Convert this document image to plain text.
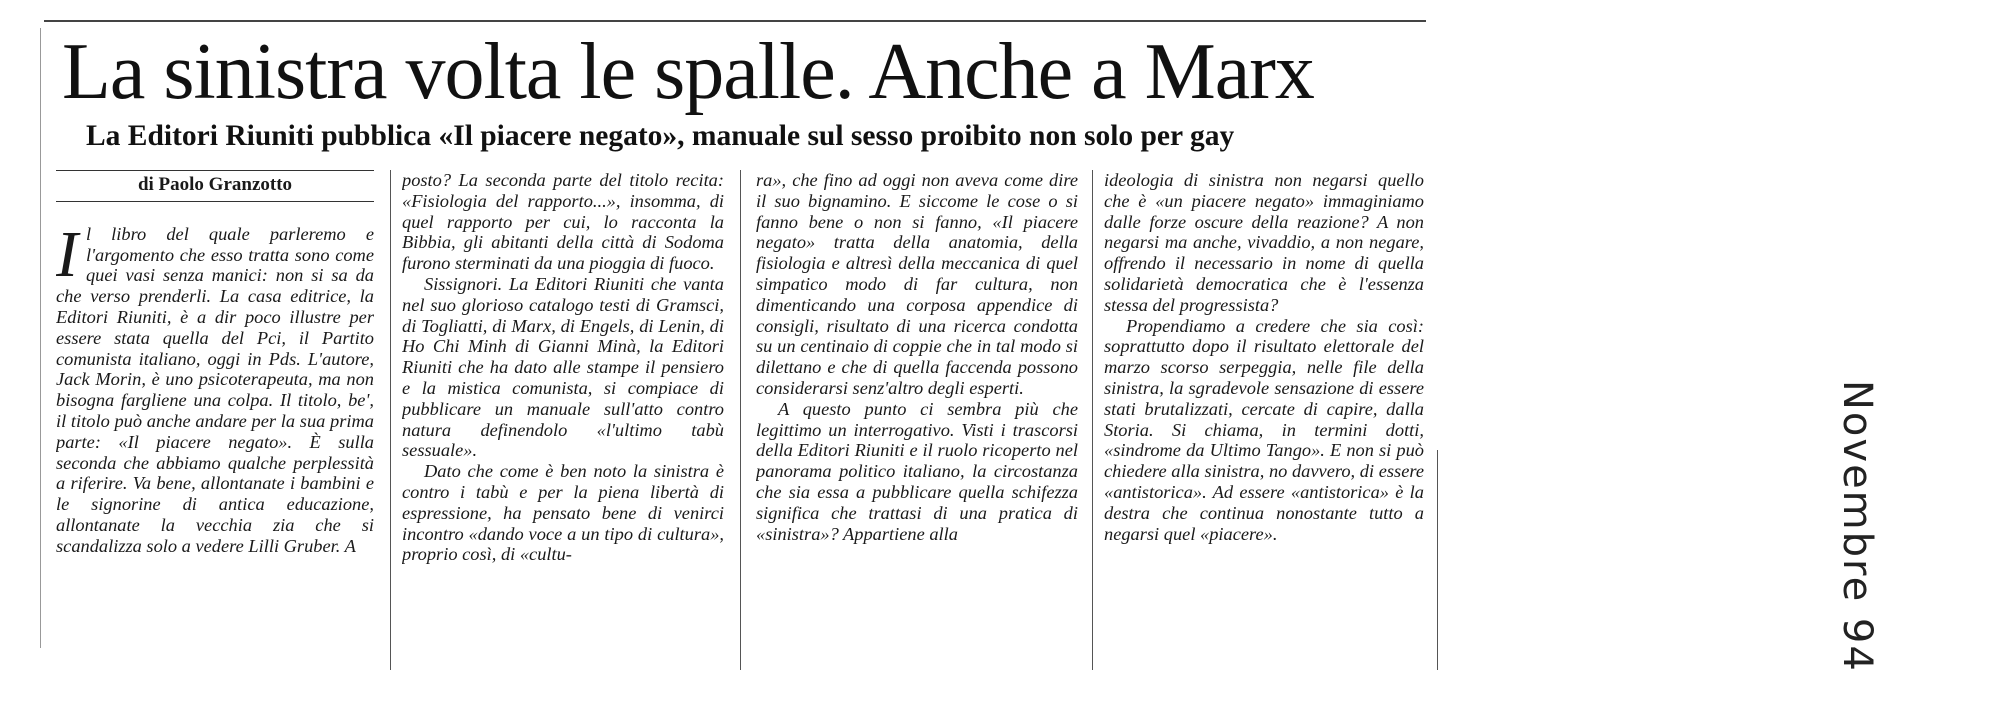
La sinistra volta le spalle. Anche a Marx
La Editori Riuniti pubblica «Il piacere negato», manuale sul sesso proibito non solo per gay
di Paolo Granzotto

I l libro del quale parleremo e l'argomento che esso tratta sono come quei vasi senza manici: non si sa da che verso prenderli. La casa editrice, la Editori Riuniti, è a dir poco illustre per essere stata quella del Pci, il Partito comunista italiano, oggi in Pds. L'autore, Jack Morin, è uno psicoterapeuta, ma non bisogna fargliene una colpa. Il titolo, be', il titolo può anche andare per la sua prima parte: «Il piacere negato». È sulla seconda che abbiamo qualche perplessità a riferire. Va bene, allontanate i bambini e le signorine di antica educazione, allontanate la vecchia zia che si scandalizza solo a vedere Lilli Gruber. A

posto? La seconda parte del titolo recita: «Fisiologia del rapporto...», insomma, di quel rapporto per cui, lo racconta la Bibbia, gli abitanti della città di Sodoma furono sterminati da una pioggia di fuoco.

Sissignori. La Editori Riuniti che vanta nel suo glorioso catalogo testi di Gramsci, di Togliatti, di Marx, di Engels, di Lenin, di Ho Chi Minh di Gianni Minà, la Editori Riuniti che ha dato alle stampe il pensiero e la mistica comunista, si compiace di pubblicare un manuale sull'atto contro natura definendolo «l'ultimo tabù sessuale».

Dato che come è ben noto la sinistra è contro i tabù e per la piena libertà di espressione, ha pensato bene di venirci incontro «dando voce a un tipo di cultura», proprio così, di «cultu-

ra», che fino ad oggi non aveva come dire il suo bignamino. E siccome le cose o si fanno bene o non si fanno, «Il piacere negato» tratta della anatomia, della fisiologia e altresì della meccanica di quel simpatico modo di far cultura, non dimenticando una corposa appendice di consigli, risultato di una ricerca condotta su un centinaio di coppie che in tal modo si dilettano e che di quella faccenda possono considerarsi senz'altro degli esperti.

A questo punto ci sembra più che legittimo un interrogativo. Visti i trascorsi della Editori Riuniti e il ruolo ricoperto nel panorama politico italiano, la circostanza che sia essa a pubblicare quella schifezza significa che trattasi di una pratica di «sinistra»? Appartiene alla

ideologia di sinistra non negarsi quello che è «un piacere negato» immaginiamo dalle forze oscure della reazione? A non negarsi ma anche, vivaddio, a non negare, offrendo il necessario in nome di quella solidarietà democratica che è l'essenza stessa del progressista?

Propendiamo a credere che sia così: soprattutto dopo il risultato elettorale del marzo scorso serpeggia, nelle file della sinistra, la sgradevole sensazione di essere stati brutalizzati, cercate di capire, dalla Storia. Si chiama, in termini dotti, «sindrome da Ultimo Tango». E non si può chiedere alla sinistra, no davvero, di essere «antistorica». Ad essere «antistorica» è la destra che continua nonostante tutto a negarsi quel «piacere».	Novembre 94
